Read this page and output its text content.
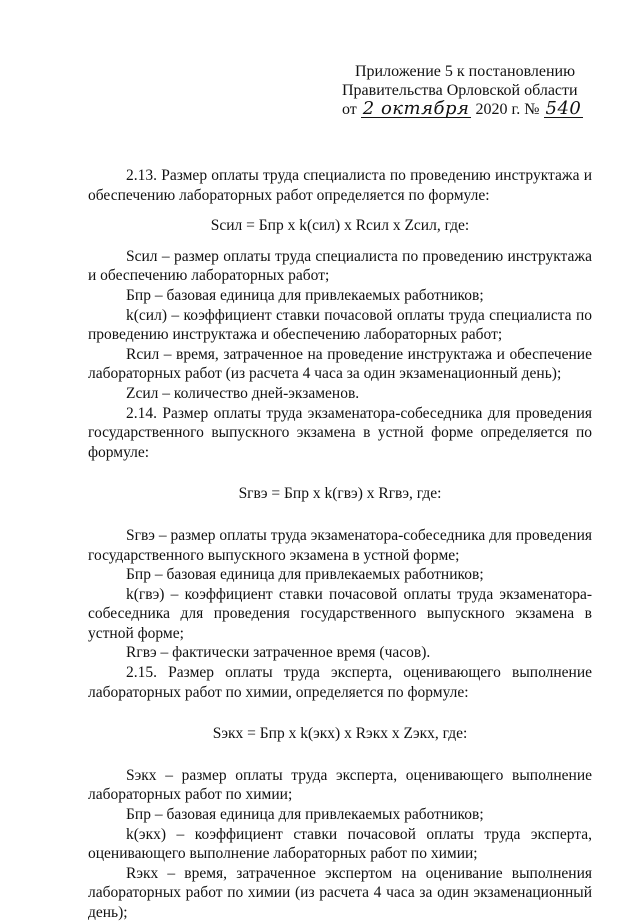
Приложение 5 к постановлению
Правительства Орловской области
от 2 октября 2020 г. № 540

2.13. Размер оплаты труда специалиста по проведению инструктажа и обеспечению лабораторных работ определяется по формуле:

Sсил = Бпр х k(сил) х Rсил х Zсил, где:

Sсил – размер оплаты труда специалиста по проведению инструктажа и обеспечению лабораторных работ;

Бпр – базовая единица для привлекаемых работников;

k(сил) – коэффициент ставки почасовой оплаты труда специалиста по проведению инструктажа и обеспечению лабораторных работ;

Rсил – время, затраченное на проведение инструктажа и обеспечение лабораторных работ (из расчета 4 часа за один экзаменационный день);

Zсил – количество дней-экзаменов.

2.14. Размер оплаты труда экзаменатора-собеседника для проведения государственного выпускного экзамена в устной форме определяется по формуле:

Sгвэ = Бпр х k(гвэ) х Rгвэ, где:

Sгвэ – размер оплаты труда экзаменатора-собеседника для проведения государственного выпускного экзамена в устной форме;

Бпр – базовая единица для привлекаемых работников;

k(гвэ) – коэффициент ставки почасовой оплаты труда экзаменатора-собеседника для проведения государственного выпускного экзамена в устной форме;

Rгвэ – фактически затраченное время (часов).

2.15. Размер оплаты труда эксперта, оценивающего выполнение лабораторных работ по химии, определяется по формуле:

Sэкх = Бпр х k(экх) х Rэкх х Zэкх, где:

Sэкх – размер оплаты труда эксперта, оценивающего выполнение лабораторных работ по химии;

Бпр – базовая единица для привлекаемых работников;

k(экх) – коэффициент ставки почасовой оплаты труда эксперта, оценивающего выполнение лабораторных работ по химии;

Rэкх – время, затраченное экспертом на оценивание выполнения лабораторных работ по химии (из расчета 4 часа за один экзаменационный день);
